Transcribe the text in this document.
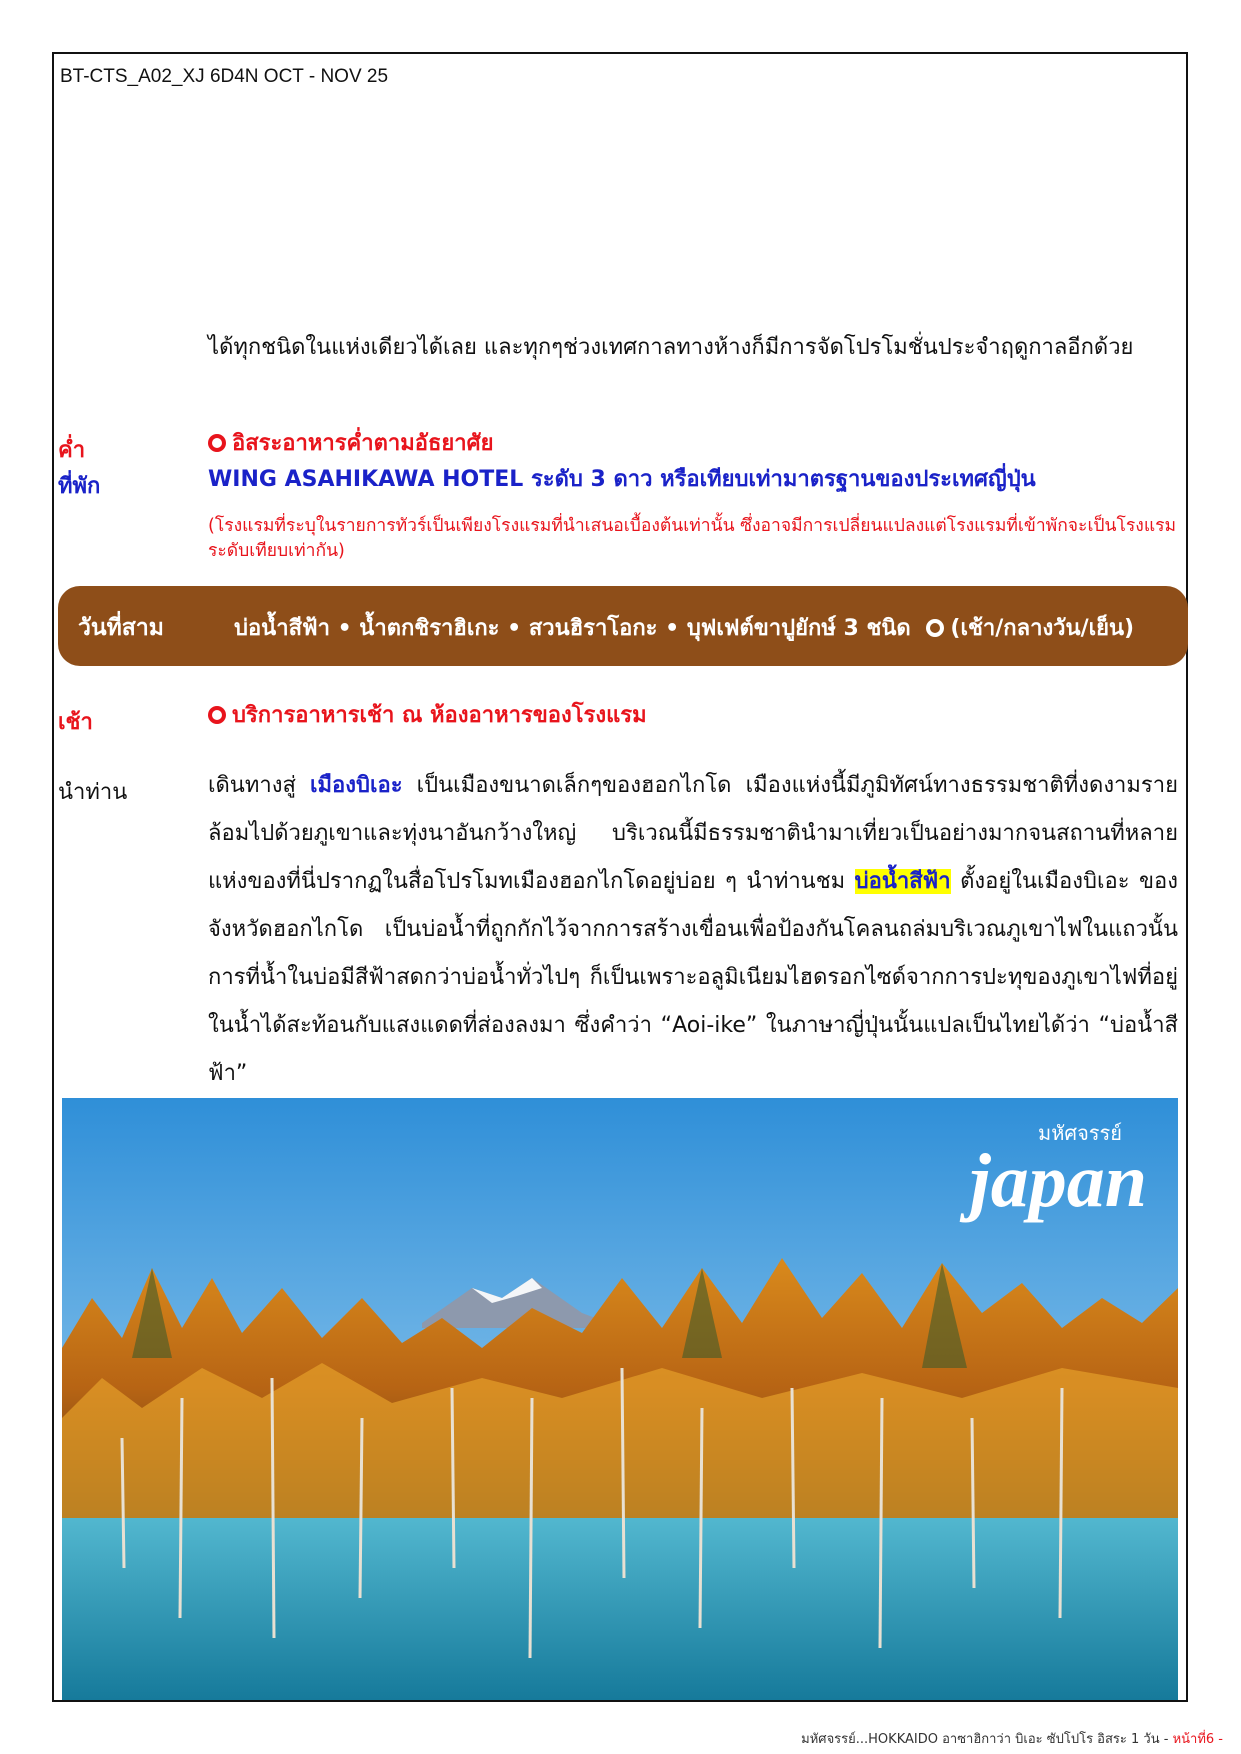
BT-CTS_A02_XJ 6D4N OCT - NOV 25
ได้ทุกชนิดในแห่งเดียวได้เลย และทุกๆช่วงเทศกาลทางห้างก็มีการจัดโปรโมชั่นประจำฤดูกาลอีกด้วย
ค่ำ	อิสระอาหารค่ำตามอัธยาศัย
ที่พัก	WING ASAHIKAWA HOTEL ระดับ 3 ดาว หรือเทียบเท่ามาตรฐานของประเทศญี่ปุ่น
(โรงแรมที่ระบุในรายการทัวร์เป็นเพียงโรงแรมที่นำเสนอเบื้องต้นเท่านั้น ซึ่งอาจมีการเปลี่ยนแปลงแต่โรงแรมที่เข้าพักจะเป็นโรงแรมระดับเทียบเท่ากัน)
วันที่สาม	บ่อน้ำสีฟ้า • น้ำตกชิราฮิเกะ • สวนฮิราโอกะ • บุฟเฟต์ขาปูยักษ์ 3 ชนิด (เช้า/กลางวัน/เย็น)
เช้า	บริการอาหารเช้า ณ ห้องอาหารของโรงแรม
นำท่าน	เดินทางสู่ เมืองบิเอะ เป็นเมืองขนาดเล็กๆของฮอกไกโด เมืองแห่งนี้มีภูมิทัศน์ทางธรรมชาติที่งดงามรายล้อมไปด้วยภูเขาและทุ่งนาอันกว้างใหญ่ บริเวณนี้มีธรรมชาตินำมาเที่ยวเป็นอย่างมากจนสถานที่หลายแห่งของที่นี่ปรากฏในสื่อโปรโมทเมืองฮอกไกโดอยู่บ่อย ๆ นำท่านชม บ่อน้ำสีฟ้า ตั้งอยู่ในเมืองบิเอะ ของจังหวัดฮอกไกโด เป็นบ่อน้ำที่ถูกกักไว้จากการสร้างเขื่อนเพื่อป้องกันโคลนถล่มบริเวณภูเขาไฟในแถวนั้น การที่น้ำในบ่อมีสีฟ้าสดกว่าบ่อน้ำทั่วไปๆ ก็เป็นเพราะอลูมิเนียมไฮดรอกไซด์จากการปะทุของภูเขาไฟที่อยู่ในน้ำได้สะท้อนกับแสงแดดที่ส่องลงมา ซึ่งคำว่า “Aoi-ike” ในภาษาญี่ปุ่นนั้นแปลเป็นไทยได้ว่า “บ่อน้ำสีฟ้า”
มหัศจรรย์
japan
มหัศจรรย์...HOKKAIDO อาซาฮิกาว่า บิเอะ ซัปโปโร อิสระ 1 วัน - หน้าที่6 -
